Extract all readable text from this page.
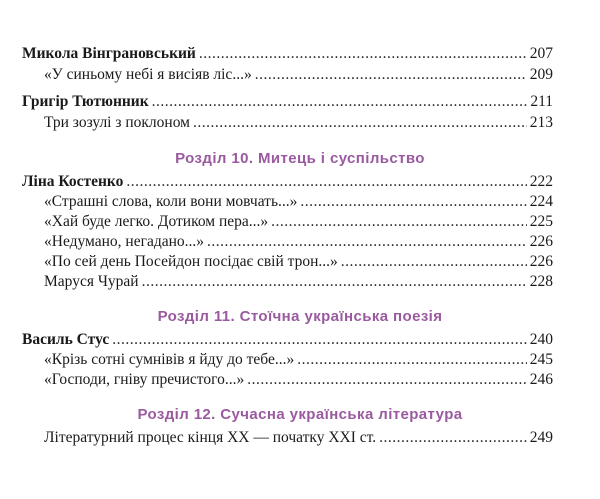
Микола Вінграновський .....	207
«У синьому небі я висіяв ліс...» .....	209
Григір Тютюнник .....	211
Три зозулі з поклоном .....	213
Розділ 10. Митець і суспільство
Ліна Костенко .....	222
«Страшні слова, коли вони мовчать...» .....	224
«Хай буде легко. Дотиком пера...» .....	225
«Недумано, негадано...» .....	226
«По сей день Посейдон посідає свій трон...» .....	226
Маруся Чурай .....	228
Розділ 11. Стоїчна українська поезія
Василь Стус .....	240
«Крізь сотні сумнівів я йду до тебе...» .....	245
«Господи, гніву пречистого...» .....	246
Розділ 12. Сучасна українська література
Літературний процес кінця XX — початку XXI ст. .....	249
